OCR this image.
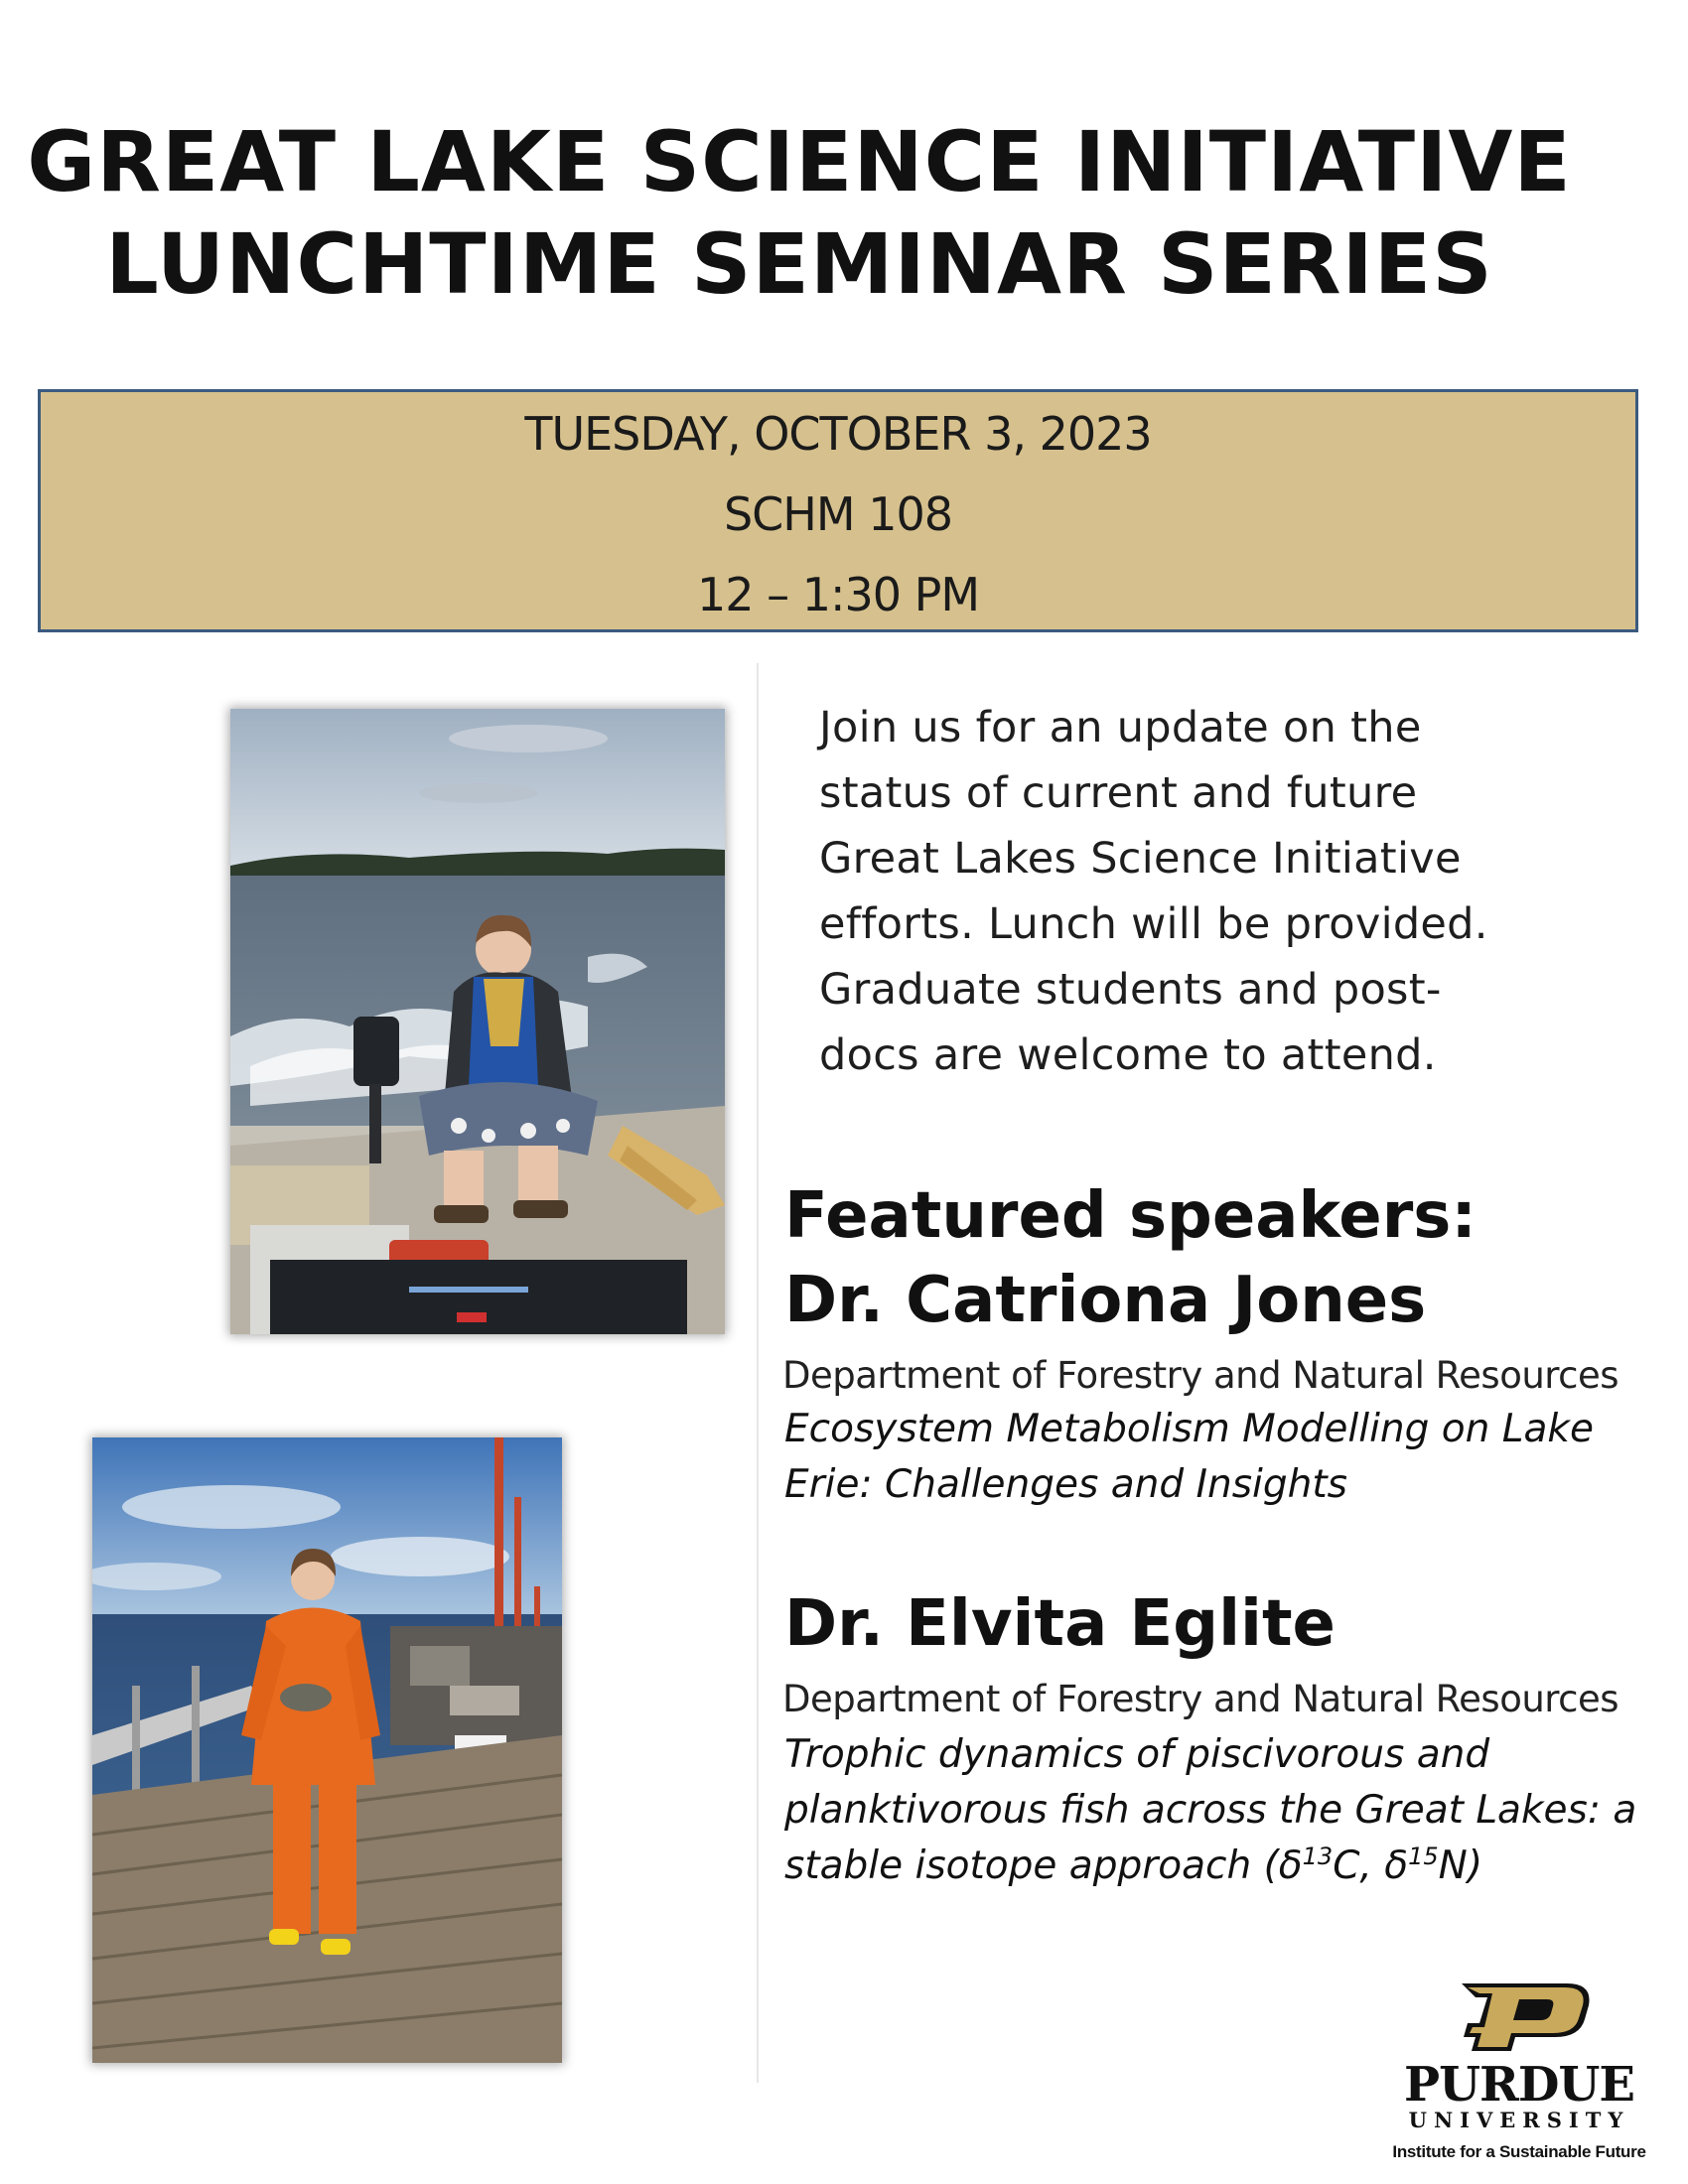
GREAT LAKE SCIENCE INITIATIVE
LUNCHTIME SEMINAR SERIES
TUESDAY, OCTOBER 3, 2023
SCHM 108
12 – 1:30 PM
Join us for an update on the
status of current and future
Great Lakes Science Initiative
efforts. Lunch will be provided.
Graduate students and post-
docs are welcome to attend.
Featured speakers:
Dr. Catriona Jones
Department of Forestry and Natural Resources
Ecosystem Metabolism Modelling on Lake
Erie: Challenges and Insights
Dr. Elvita Eglite
Department of Forestry and Natural Resources
Trophic dynamics of piscivorous and
planktivorous fish across the Great Lakes: a
stable isotope approach ($\delta^{13}C$, $\delta^{15}N$)
PURDUE
UNIVERSITY
Institute for a Sustainable Future
